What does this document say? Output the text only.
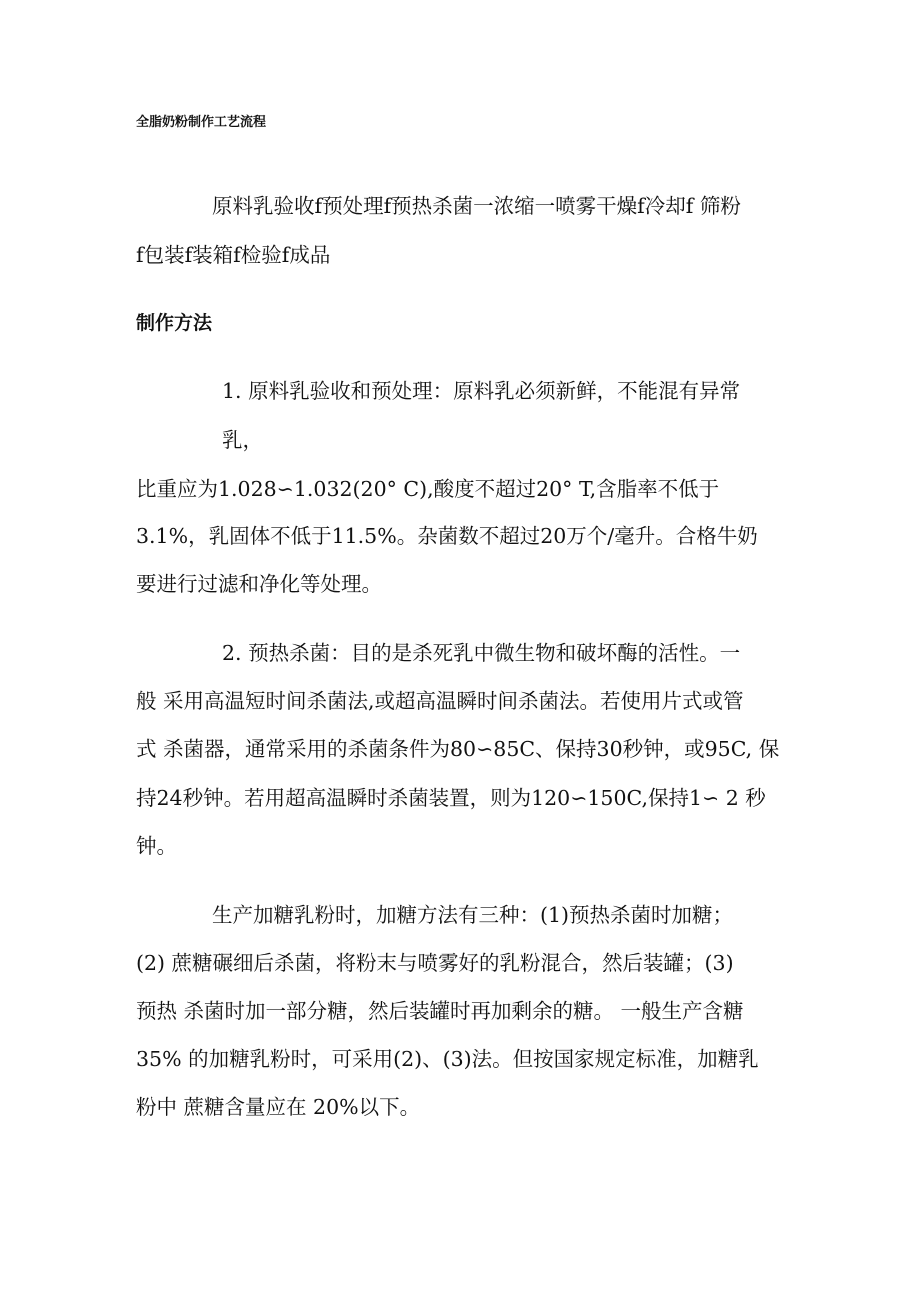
全脂奶粉制作工艺流程
原料乳验收f预处理f预热杀菌一浓缩一喷雾干燥f冷却f 筛粉
f包装f装箱f检验f成品
制作方法
1. 原料乳验收和预处理：原料乳必须新鲜，不能混有异常
乳，
比重应为1.028∽1.032(20° C),酸度不超过20° T,含脂率不低于
3.1%，乳固体不低于11.5%。杂菌数不超过20万个/毫升。合格牛奶
要进行过滤和净化等处理。
2. 预热杀菌：目的是杀死乳中微生物和破坏酶的活性。一
般 采用高温短时间杀菌法,或超高温瞬时间杀菌法。若使用片式或管
式 杀菌器，通常采用的杀菌条件为80∽85C、保持30秒钟，或95C, 保
持24秒钟。若用超高温瞬时杀菌装置，则为120∽150C,保持1∽ 2 秒
钟。
生产加糖乳粉时，加糖方法有三种：(1)预热杀菌时加糖；
(2) 蔗糖碾细后杀菌，将粉末与喷雾好的乳粉混合，然后装罐；(3)
预热 杀菌时加一部分糖，然后装罐时再加剩余的糖。 一般生产含糖
35% 的加糖乳粉时，可采用(2)、(3)法。但按国家规定标准，加糖乳
粉中 蔗糖含量应在 20%以下。
